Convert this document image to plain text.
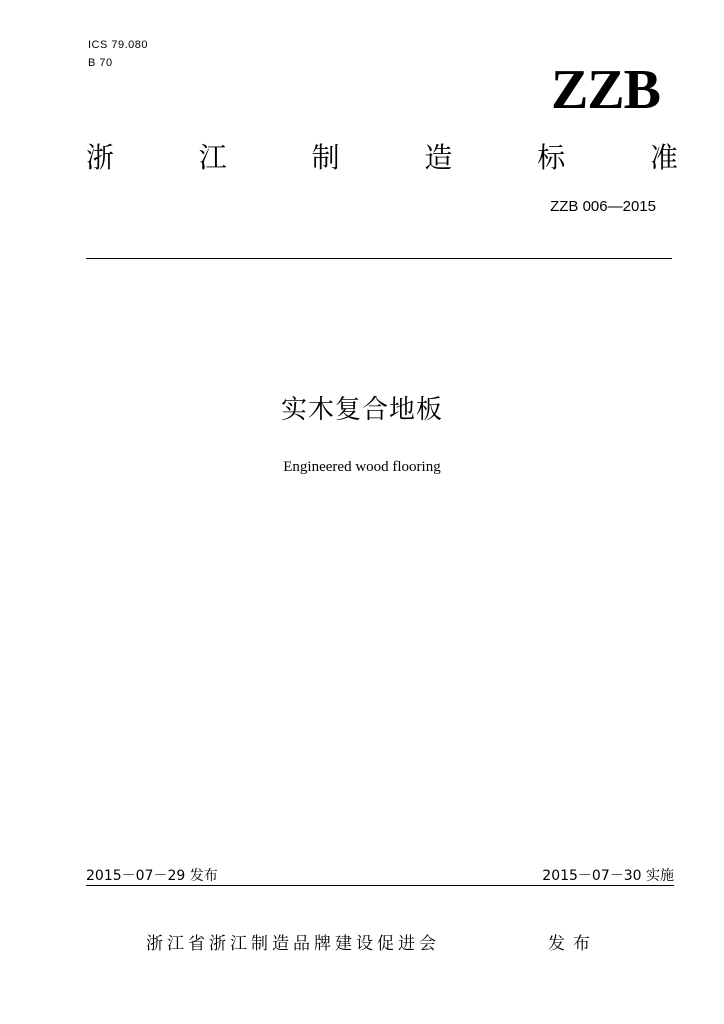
ICS 79.080
B 70	ZZB
浙	江	制	造	标	准
ZZB 006—2015
实木复合地板
Engineered wood flooring
2015－07－29 发布	2015－07－30 实施
浙江省浙江制造品牌建设促进会	发布
